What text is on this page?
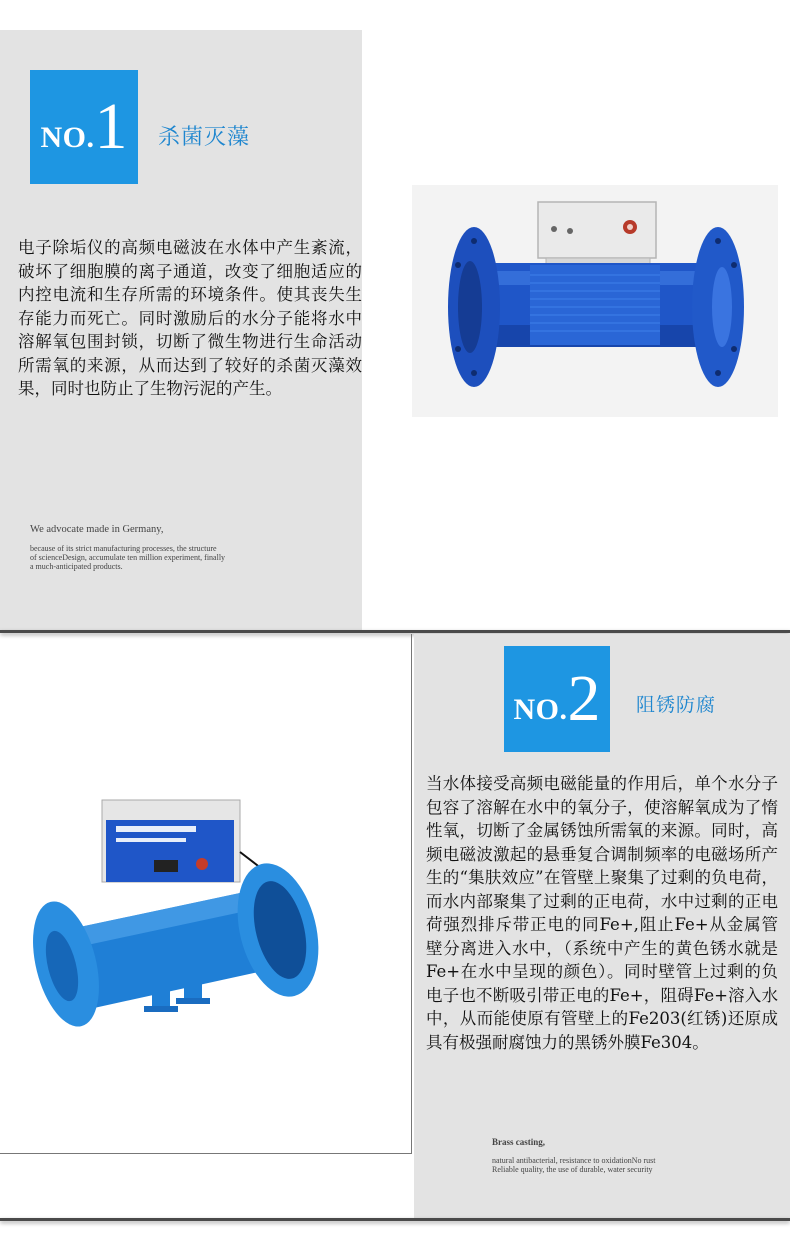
NO. 1 杀菌灭藻

电子除垢仪的高频电磁波在水体中产生紊流，破坏了细胞膜的离子通道，改变了细胞适应的内控电流和生存所需的环境条件。使其丧失生存能力而死亡。同时激励后的水分子能将水中溶解氧包围封锁，切断了微生物进行生命活动所需氧的来源，从而达到了较好的杀菌灭藻效果，同时也防止了生物污泥的产生。

We advocate made in Germany,

because of its strict manufacturing processes, the structure

of scienceDesign, accumulate ten million experiment, finally

a much-anticipated products.

NO. 2 阻锈防腐

当水体接受高频电磁能量的作用后，单个水分子包容了溶解在水中的氧分子，使溶解氧成为了惰性氧，切断了金属锈蚀所需氧的来源。同时，高频电磁波激起的悬垂复合调制频率的电磁场所产生的“集肤效应”在管壁上聚集了过剩的负电荷，而水内部聚集了过剩的正电荷，水中过剩的正电荷强烈排斥带正电的同Fe+,阻止Fe+从金属管壁分离进入水中，（系统中产生的黄色锈水就是Fe+在水中呈现的颜色）。同时壁管上过剩的负电子也不断吸引带正电的Fe+，阻碍Fe+溶入水中，从而能使原有管壁上的Fe203(红锈)还原成具有极强耐腐蚀力的黑锈外膜Fe304。

Brass casting,

natural antibacterial, resistance to oxidationNo rust

Reliable quality, the use of durable, water security
